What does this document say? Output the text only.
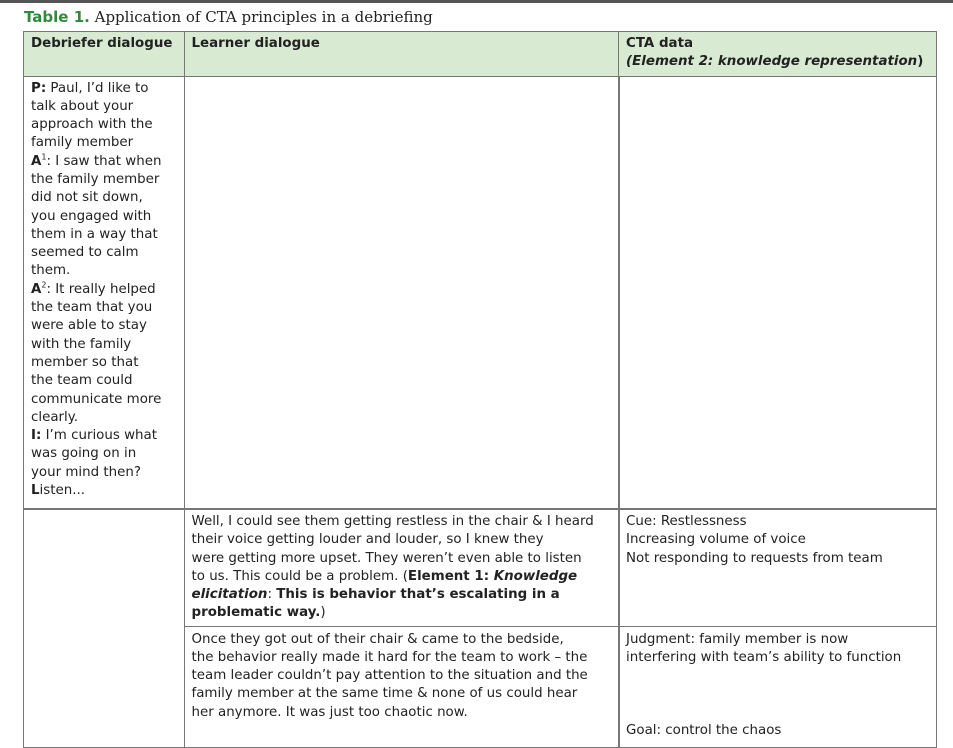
Table 1. Application of CTA principles in a debriefing
Debriefer dialogue	Learner dialogue	CTA data
(Element 2: knowledge representation)
P: Paul, I’d like to
talk about your
approach with the
family member
$A^1$: I saw that when
the family member
did not sit down,
you engaged with
them in a way that
seemed to calm
them.
$A^2$: It really helped
the team that you
were able to stay
with the family
member so that
the team could
communicate more
clearly.
I: I’m curious what
was going on in
your mind then?
Listen...
Well, I could see them getting restless in the chair & I heard
their voice getting louder and louder, so I knew they
were getting more upset. They weren’t even able to listen
to us. This could be a problem. (Element 1: Knowledge
elicitation: This is behavior that’s escalating in a
problematic way.)
Cue: Restlessness
Increasing volume of voice
Not responding to requests from team
Once they got out of their chair & came to the bedside,
the behavior really made it hard for the team to work – the
team leader couldn’t pay attention to the situation and the
family member at the same time & none of us could hear
her anymore. It was just too chaotic now.
Judgment: family member is now
interfering with team’s ability to function
Goal: control the chaos
